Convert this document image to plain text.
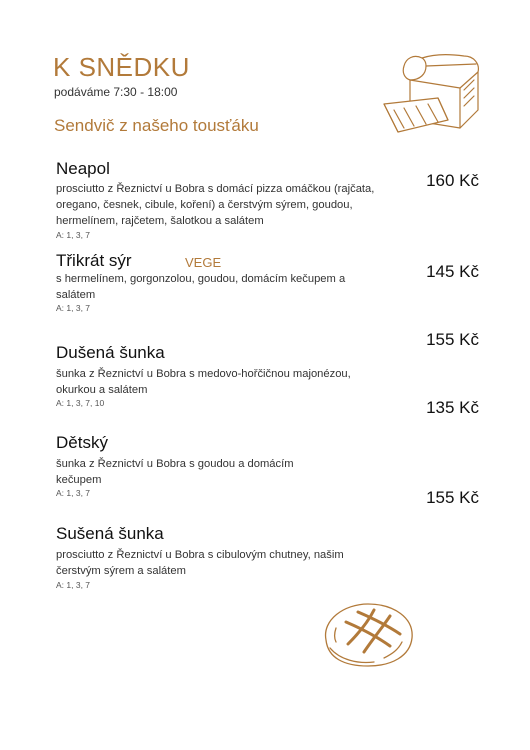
K SNĚDKU
podáváme 7:30 - 18:00
Sendvič z našeho tousťáku
Neapol
prosciutto z Řeznictví u Bobra s domácí pizza omáčkou (rajčata, oregano, česnek, cibule, koření) a čerstvým sýrem, goudou, hermelínem, rajčetem, šalotkou a salátem
A: 1, 3, 7
Třikrát sýr	VEGE
s hermelínem, gorgonzolou, goudou, domácím kečupem a salátem
A: 1, 3, 7
Dušená šunka
šunka z Řeznictví u Bobra s medovo-hořčičnou majonézou, okurkou a salátem
A: 1, 3, 7, 10
Dětský
šunka z Řeznictví u Bobra s goudou a domácím kečupem
A: 1, 3, 7
Sušená šunka
prosciutto z Řeznictví u Bobra s cibulovým chutney, našim čerstvým sýrem a salátem
A: 1, 3, 7
160 Kč
145 Kč
155 Kč
135 Kč
155 Kč
